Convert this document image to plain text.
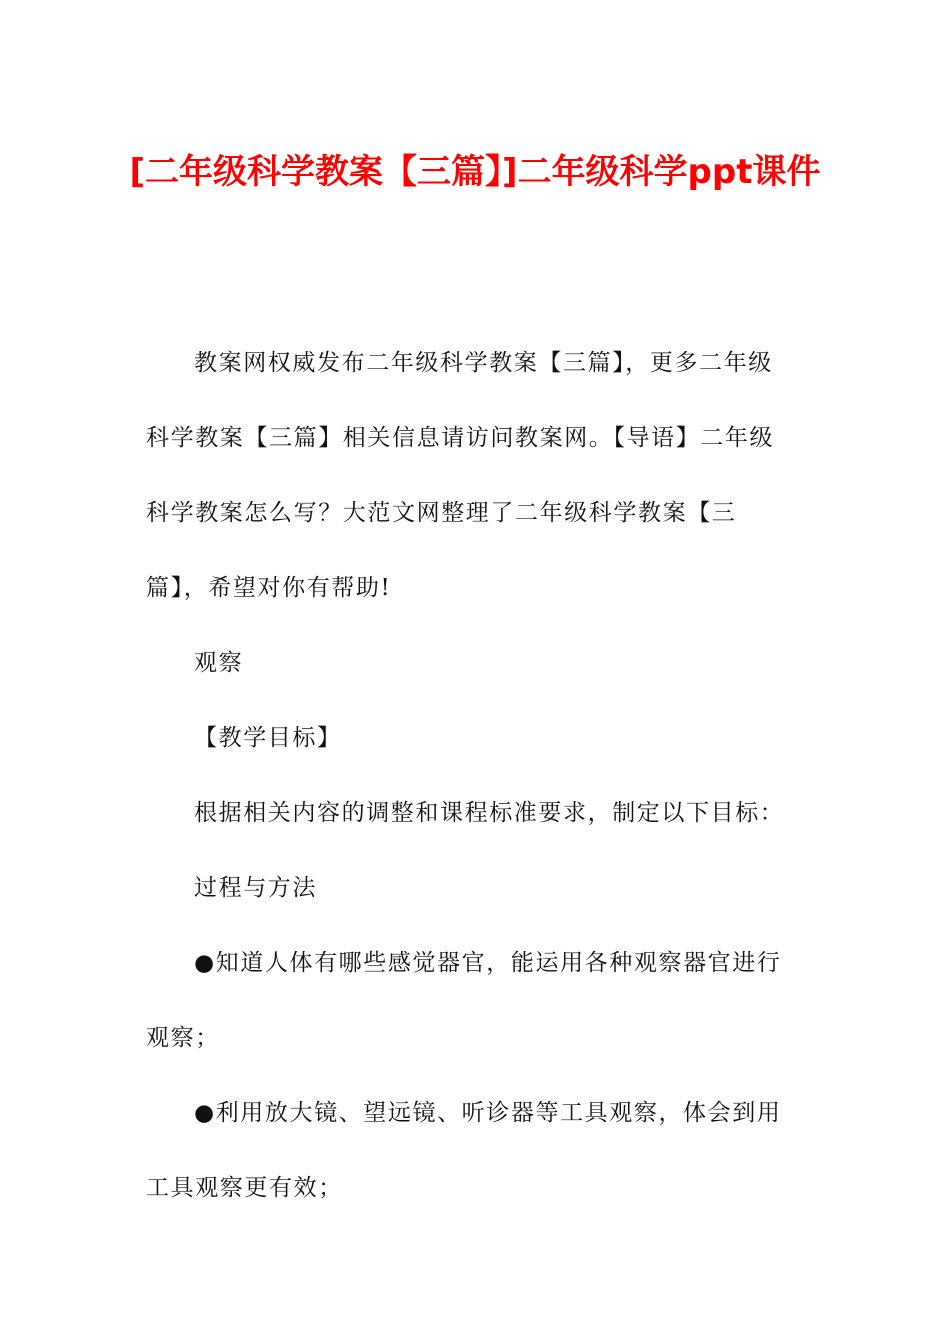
[二年级科学教案【三篇】]二年级科学ppt课件

教案网权威发布二年级科学教案【三篇】，更多二年级科学教案【三篇】相关信息请访问教案网。【导语】二年级科学教案怎么写？大范文网整理了二年级科学教案【三篇】，希望对你有帮助!

观察

【教学目标】

根据相关内容的调整和课程标准要求，制定以下目标：

过程与方法

●知道人体有哪些感觉器官，能运用各种观察器官进行观察；

●利用放大镜、望远镜、听诊器等工具观察，体会到用工具观察更有效；
